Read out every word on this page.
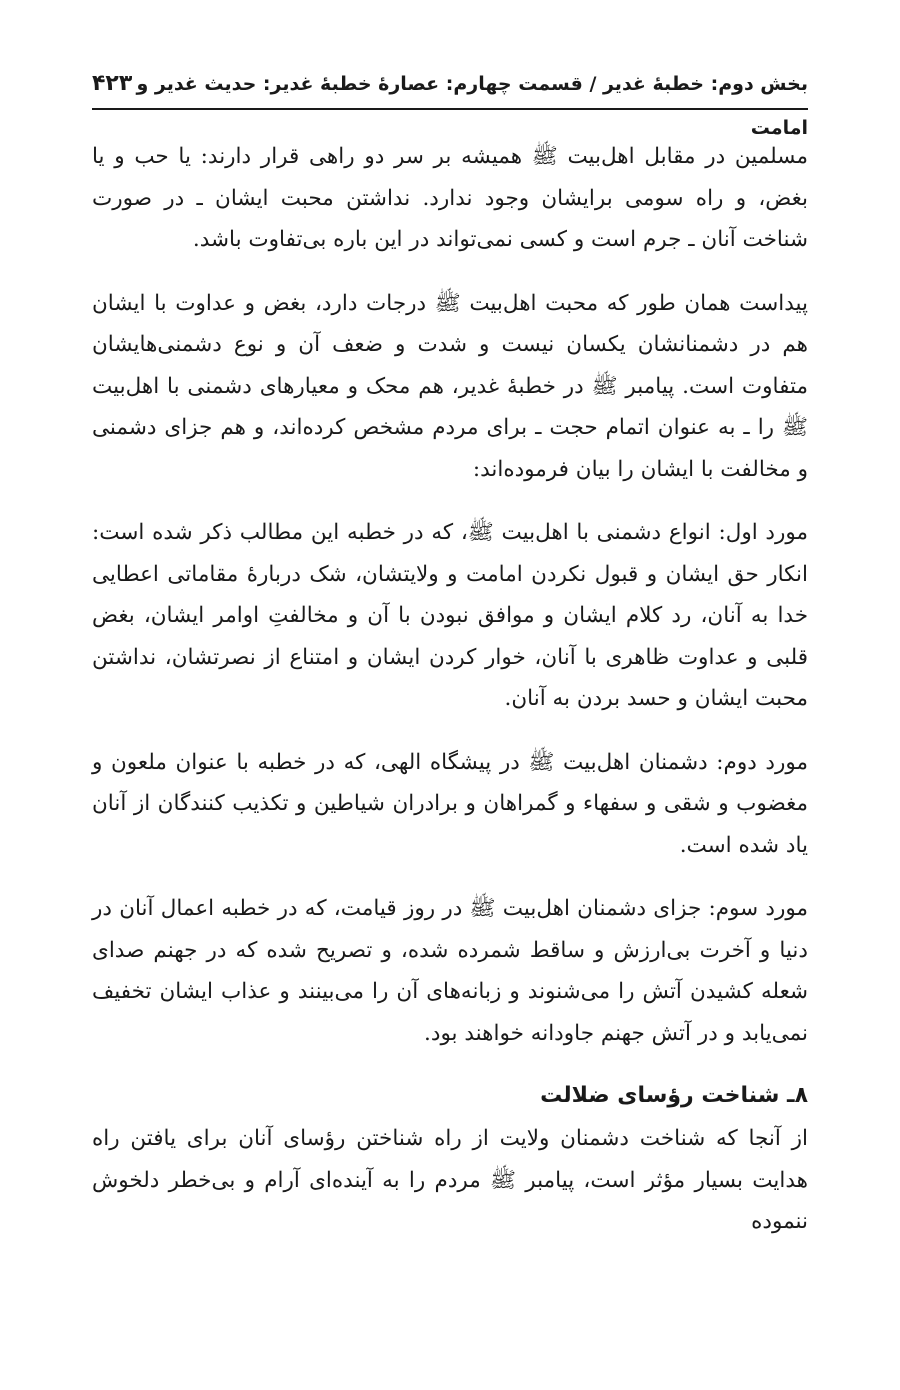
بخش دوم: خطبۀ غدیر / قسمت چهارم: عصارۀ خطبۀ غدیر: حدیث غدیر و امامت
۴۲۳

مسلمین در مقابل اهل‌بیت ﷺ همیشه بر سر دو راهی قرار دارند: یا حب و یا بغض، و راه سومی برایشان وجود ندارد. نداشتن محبت ایشان ـ در صورت شناخت آنان ـ جرم است و کسی نمی‌تواند در این باره بی‌تفاوت باشد.

پیداست همان طور که محبت اهل‌بیت ﷺ درجات دارد، بغض و عداوت با ایشان هم در دشمنانشان یکسان نیست و شدت و ضعف آن و نوع دشمنی‌هایشان متفاوت است. پیامبر ﷺ در خطبۀ غدیر، هم محک و معیارهای دشمنی با اهل‌بیت ﷺ را ـ به عنوان اتمام حجت ـ برای مردم مشخص کرده‌اند، و هم جزای دشمنی و مخالفت با ایشان را بیان فرموده‌اند:

مورد اول: انواع دشمنی با اهل‌بیت ﷺ، که در خطبه این مطالب ذکر شده است: انکار حق ایشان و قبول نکردن امامت و ولایتشان، شک دربارۀ مقاماتی اعطایی خدا به آنان، رد کلام ایشان و موافق نبودن با آن و مخالفتِ اوامر ایشان، بغض قلبی و عداوت ظاهری با آنان، خوار کردن ایشان و امتناع از نصرتشان، نداشتن محبت ایشان و حسد بردن به آنان.

مورد دوم: دشمنان اهل‌بیت ﷺ در پیشگاه الهی، که در خطبه با عنوان ملعون و مغضوب و شقی و سفهاء و گمراهان و برادران شیاطین و تکذیب کنندگان از آنان یاد شده است.

مورد سوم: جزای دشمنان اهل‌بیت ﷺ در روز قیامت، که در خطبه اعمال آنان در دنیا و آخرت بی‌ارزش و ساقط شمرده شده، و تصریح شده که در جهنم صدای شعله کشیدن آتش را می‌شنوند و زبانه‌های آن را می‌بینند و عذاب ایشان تخفیف نمی‌یابد و در آتش جهنم جاودانه خواهند بود.

۸ـ شناخت رؤسای ضلالت

از آنجا که شناخت دشمنان ولایت از راه شناختن رؤسای آنان برای یافتن راه هدایت بسیار مؤثر است، پیامبر ﷺ مردم را به آینده‌ای آرام و بی‌خطر دلخوش ننموده
